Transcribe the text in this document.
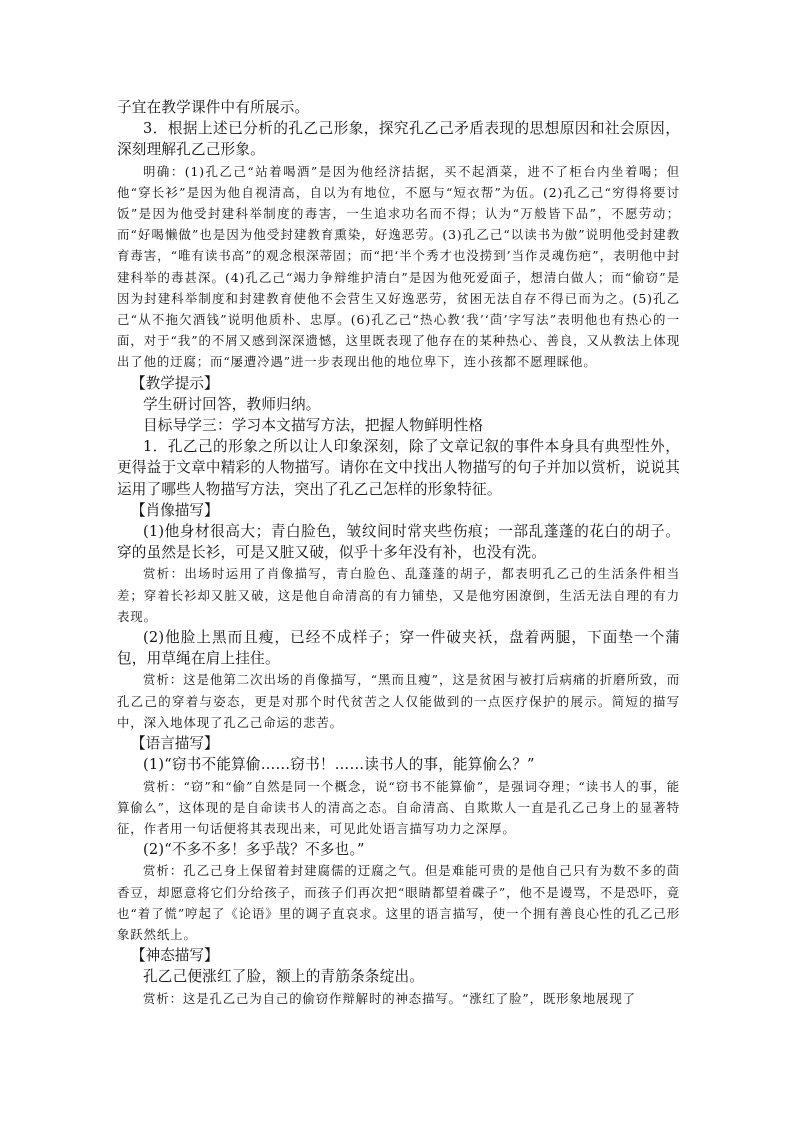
子宜在教学课件中有所展示。

3．根据上述已分析的孔乙己形象，探究孔乙己矛盾表现的思想原因和社会原因，深刻理解孔乙己形象。

明确：(1)孔乙己“站着喝酒”是因为他经济拮据，买不起酒菜，进不了柜台内坐着喝；但他“穿长衫”是因为他自视清高，自以为有地位，不愿与“短衣帮”为伍。(2)孔乙己“穷得将要讨饭”是因为他受封建科举制度的毒害，一生追求功名而不得；认为“万般皆下品”，不愿劳动；而“好喝懒做”也是因为他受封建教育熏染，好逸恶劳。(3)孔乙己“以读书为傲”说明他受封建教育毒害，“唯有读书高”的观念根深蒂固；而“把‘半个秀才也没捞到’当作灵魂伤疤”，表明他中封建科举的毒甚深。(4)孔乙己“竭力争辩维护清白”是因为他死爱面子，想清白做人；而“偷窃”是因为封建科举制度和封建教育使他不会营生又好逸恶劳，贫困无法自存不得已而为之。(5)孔乙己“从不拖欠酒钱”说明他质朴、忠厚。(6)孔乙己“热心教‘我’‘茴’字写法”表明他也有热心的一面，对于“我”的不屑又感到深深遗憾，这里既表现了他存在的某种热心、善良，又从教法上体现出了他的迂腐；而“屡遭冷遇”进一步表现出他的地位卑下，连小孩都不愿理睬他。

【教学提示】

学生研讨回答，教师归纳。

目标导学三：学习本文描写方法，把握人物鲜明性格

1．孔乙己的形象之所以让人印象深刻，除了文章记叙的事件本身具有典型性外，更得益于文章中精彩的人物描写。请你在文中找出人物描写的句子并加以赏析，说说其运用了哪些人物描写方法，突出了孔乙己怎样的形象特征。

【肖像描写】

(1)他身材很高大；青白脸色，皱纹间时常夹些伤痕；一部乱蓬蓬的花白的胡子。穿的虽然是长衫，可是又脏又破，似乎十多年没有补，也没有洗。

赏析：出场时运用了肖像描写，青白脸色、乱蓬蓬的胡子，都表明孔乙己的生活条件相当差；穿着长衫却又脏又破，这是他自命清高的有力铺垫，又是他穷困潦倒，生活无法自理的有力表现。

(2)他脸上黑而且瘦，已经不成样子；穿一件破夹袄，盘着两腿，下面垫一个蒲包，用草绳在肩上挂住。

赏析：这是他第二次出场的肖像描写，“黑而且瘦”，这是贫困与被打后病痛的折磨所致，而孔乙己的穿着与姿态，更是对那个时代贫苦之人仅能做到的一点医疗保护的展示。简短的描写中，深入地体现了孔乙己命运的悲苦。

【语言描写】

(1)“窃书不能算偷……窃书！……读书人的事，能算偷么？”

赏析：“窃”和“偷”自然是同一个概念，说“窃书不能算偷”，是强词夺理；“读书人的事，能算偷么”，这体现的是自命读书人的清高之态。自命清高、自欺欺人一直是孔乙己身上的显著特征，作者用一句话便将其表现出来，可见此处语言描写功力之深厚。

(2)“不多不多！多乎哉？不多也。”

赏析：孔乙己身上保留着封建腐儒的迂腐之气。但是难能可贵的是他自己只有为数不多的茴香豆，却愿意将它们分给孩子，而孩子们再次把“眼睛都望着碟子”，他不是谩骂，不是恐吓，竟也“着了慌”哼起了《论语》里的调子直哀求。这里的语言描写，使一个拥有善良心性的孔乙己形象跃然纸上。

【神态描写】

孔乙己便涨红了脸，额上的青筋条条绽出。

赏析：这是孔乙己为自己的偷窃作辩解时的神态描写。“涨红了脸”，既形象地展现了
